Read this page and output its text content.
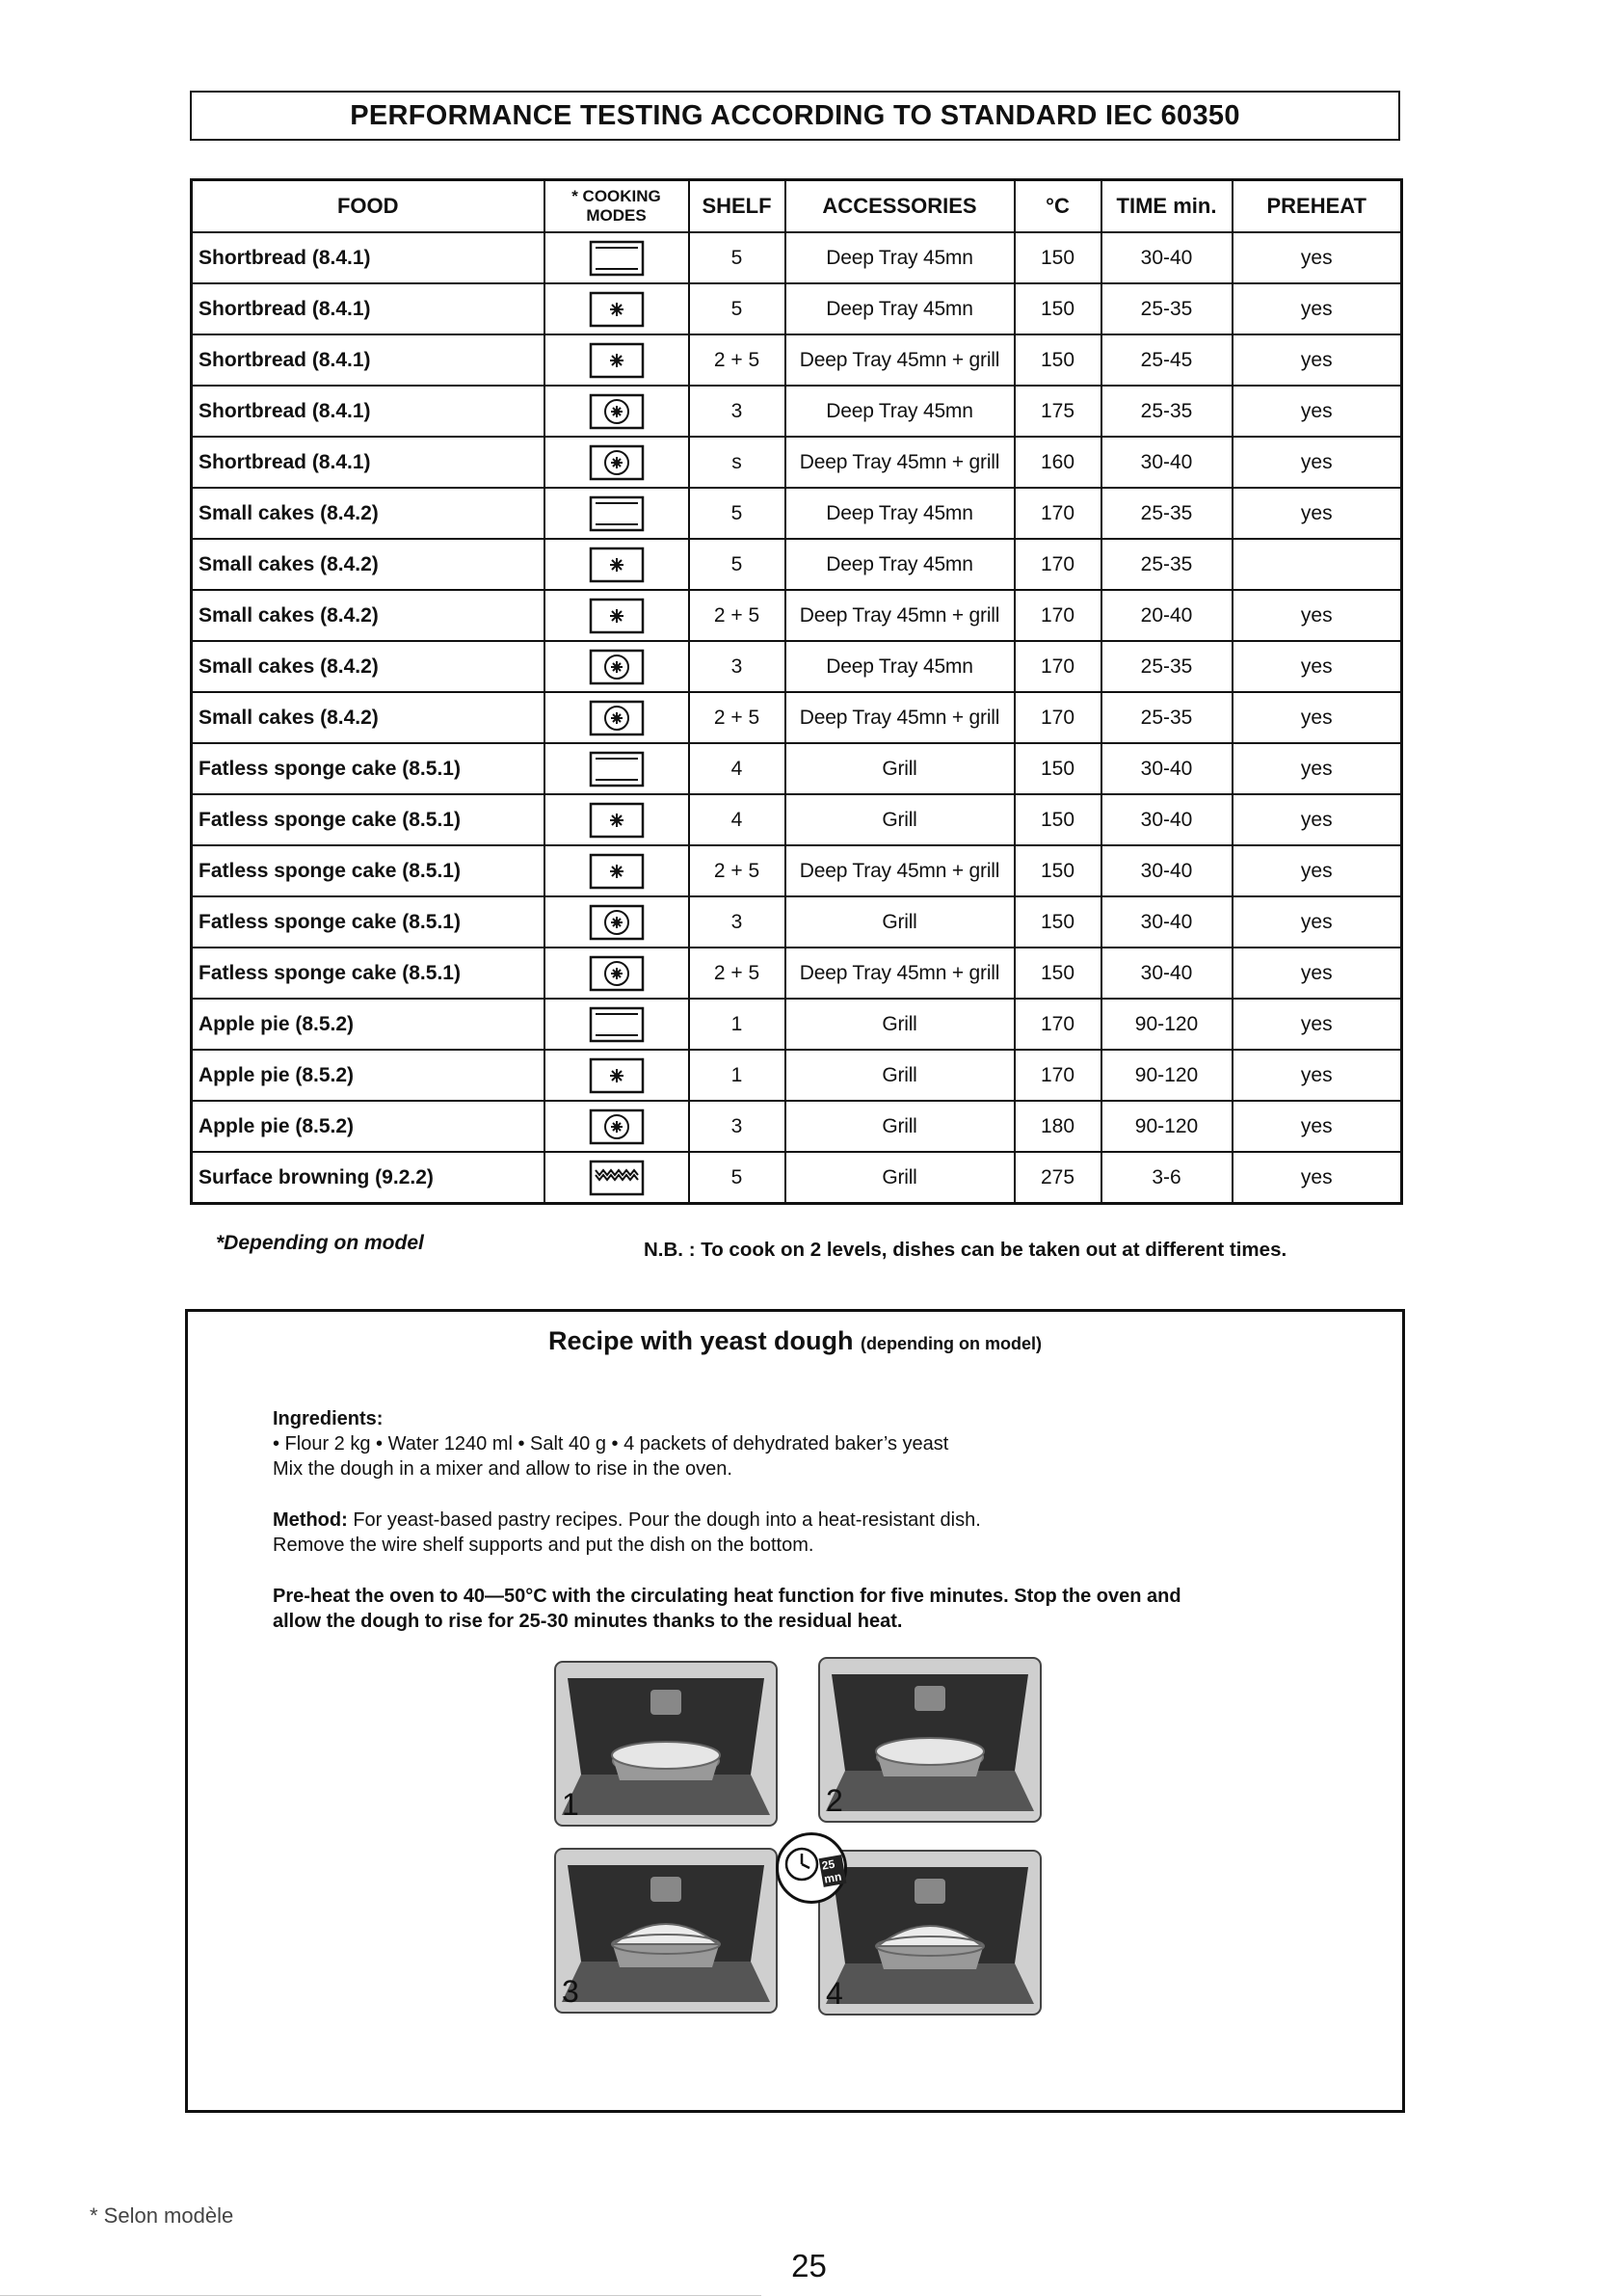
PERFORMANCE TESTING ACCORDING TO STANDARD IEC 60350
FOOD	* COOKING MODES	SHELF	ACCESSORIES	°C	TIME min.	PREHEAT
Shortbread (8.4.1)		5	Deep Tray 45mn	150	30-40	yes
Shortbread (8.4.1)		5	Deep Tray 45mn	150	25-35	yes
Shortbread (8.4.1)		2 + 5	Deep Tray 45mn + grill	150	25-45	yes
Shortbread (8.4.1)		3	Deep Tray 45mn	175	25-35	yes
Shortbread (8.4.1)		s	Deep Tray 45mn + grill	160	30-40	yes
Small cakes (8.4.2)		5	Deep Tray 45mn	170	25-35	yes
Small cakes (8.4.2)		5	Deep Tray 45mn	170	25-35	
Small cakes (8.4.2)		2 + 5	Deep Tray 45mn + grill	170	20-40	yes
Small cakes (8.4.2)		3	Deep Tray 45mn	170	25-35	yes
Small cakes (8.4.2)		2 + 5	Deep Tray 45mn + grill	170	25-35	yes
Fatless sponge cake (8.5.1)		4	Grill	150	30-40	yes
Fatless sponge cake (8.5.1)		4	Grill	150	30-40	yes
Fatless sponge cake (8.5.1)		2 + 5	Deep Tray 45mn + grill	150	30-40	yes
Fatless sponge cake (8.5.1)		3	Grill	150	30-40	yes
Fatless sponge cake (8.5.1)		2 + 5	Deep Tray 45mn + grill	150	30-40	yes
Apple pie (8.5.2)		1	Grill	170	90-120	yes
Apple pie (8.5.2)		1	Grill	170	90-120	yes
Apple pie (8.5.2)		3	Grill	180	90-120	yes
Surface browning (9.2.2)		5	Grill	275	3-6	yes
*Depending on model	N.B. : To cook on 2 levels, dishes can be taken out at different times.
Recipe with yeast dough (depending on model)
Ingredients:
• Flour 2 kg • Water 1240 ml • Salt 40 g • 4 packets of dehydrated baker’s yeast
Mix the dough in a mixer and allow to rise in the oven.
Method: For yeast-based pastry recipes. Pour the dough into a heat-resistant dish.
Remove the wire shelf supports and put the dish on the bottom.
Pre-heat the oven to 40—50°C with the circulating heat function for five minutes. Stop the oven and
allow the dough to rise for 25-30 minutes thanks to the residual heat.
1	2
3	4
25 mn
* Selon modèle
25
